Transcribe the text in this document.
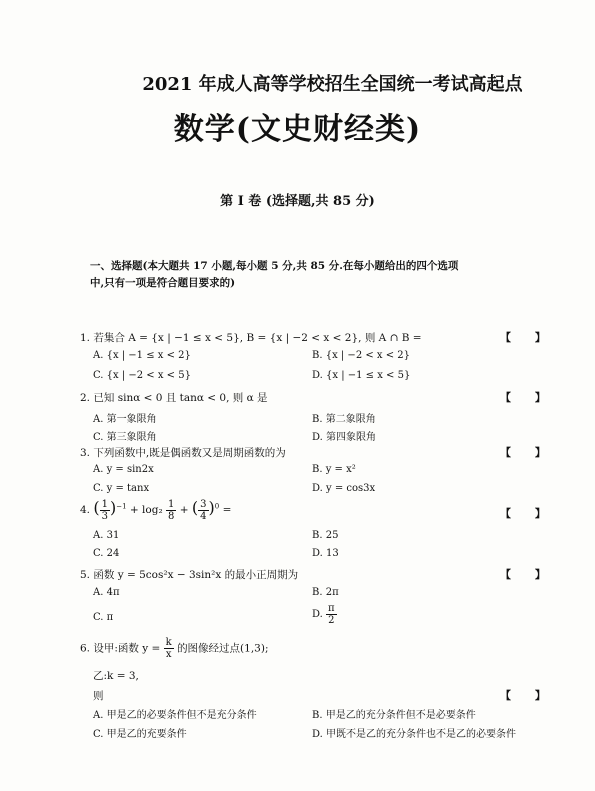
2021 年成人高等学校招生全国统一考试高起点
数学(文史财经类)
第 Ⅰ 卷 (选择题,共 85 分)
一、选择题(本大题共 17 小题,每小题 5 分,共 85 分.在每小题给出的四个选项中,只有一项是符合题目要求的)
1. 若集合 A = {x | −1 ≤ x < 5}, B = {x | −2 < x < 2}, 则 A ∩ B =	【 】
A. {x | −1 ≤ x < 2}	B. {x | −2 < x < 2}
C. {x | −2 < x < 5}	D. {x | −1 ≤ x < 5}
2. 已知 sinα < 0 且 tanα < 0, 则 α 是	【 】
A. 第一象限角	B. 第二象限角
C. 第三象限角	D. 第四象限角
3. 下列函数中,既是偶函数又是周期函数的为	【 】
A. y = sin2x	B. y = x²
C. y = tanx	D. y = cos3x
4. ( $\frac{1}{3} )^{-1} + \log_2 \frac{1}{8}$ + ( $\frac{3}{4} )^0$ =	【 】
A. 31	B. 25
C. 24	D. 13
5. 函数 y = 5cos²x − 3sin²x 的最小正周期为	【 】
A. 4π	B. 2π
C. π	D. $\frac{\pi}{2}$
6. 设甲:函数 $y = \frac{k}{x}$ 的图像经过点(1,3);
乙:k = 3,
则	【 】
A. 甲是乙的必要条件但不是充分条件	B. 甲是乙的充分条件但不是必要条件
C. 甲是乙的充要条件	D. 甲既不是乙的充分条件也不是乙的必要条件
